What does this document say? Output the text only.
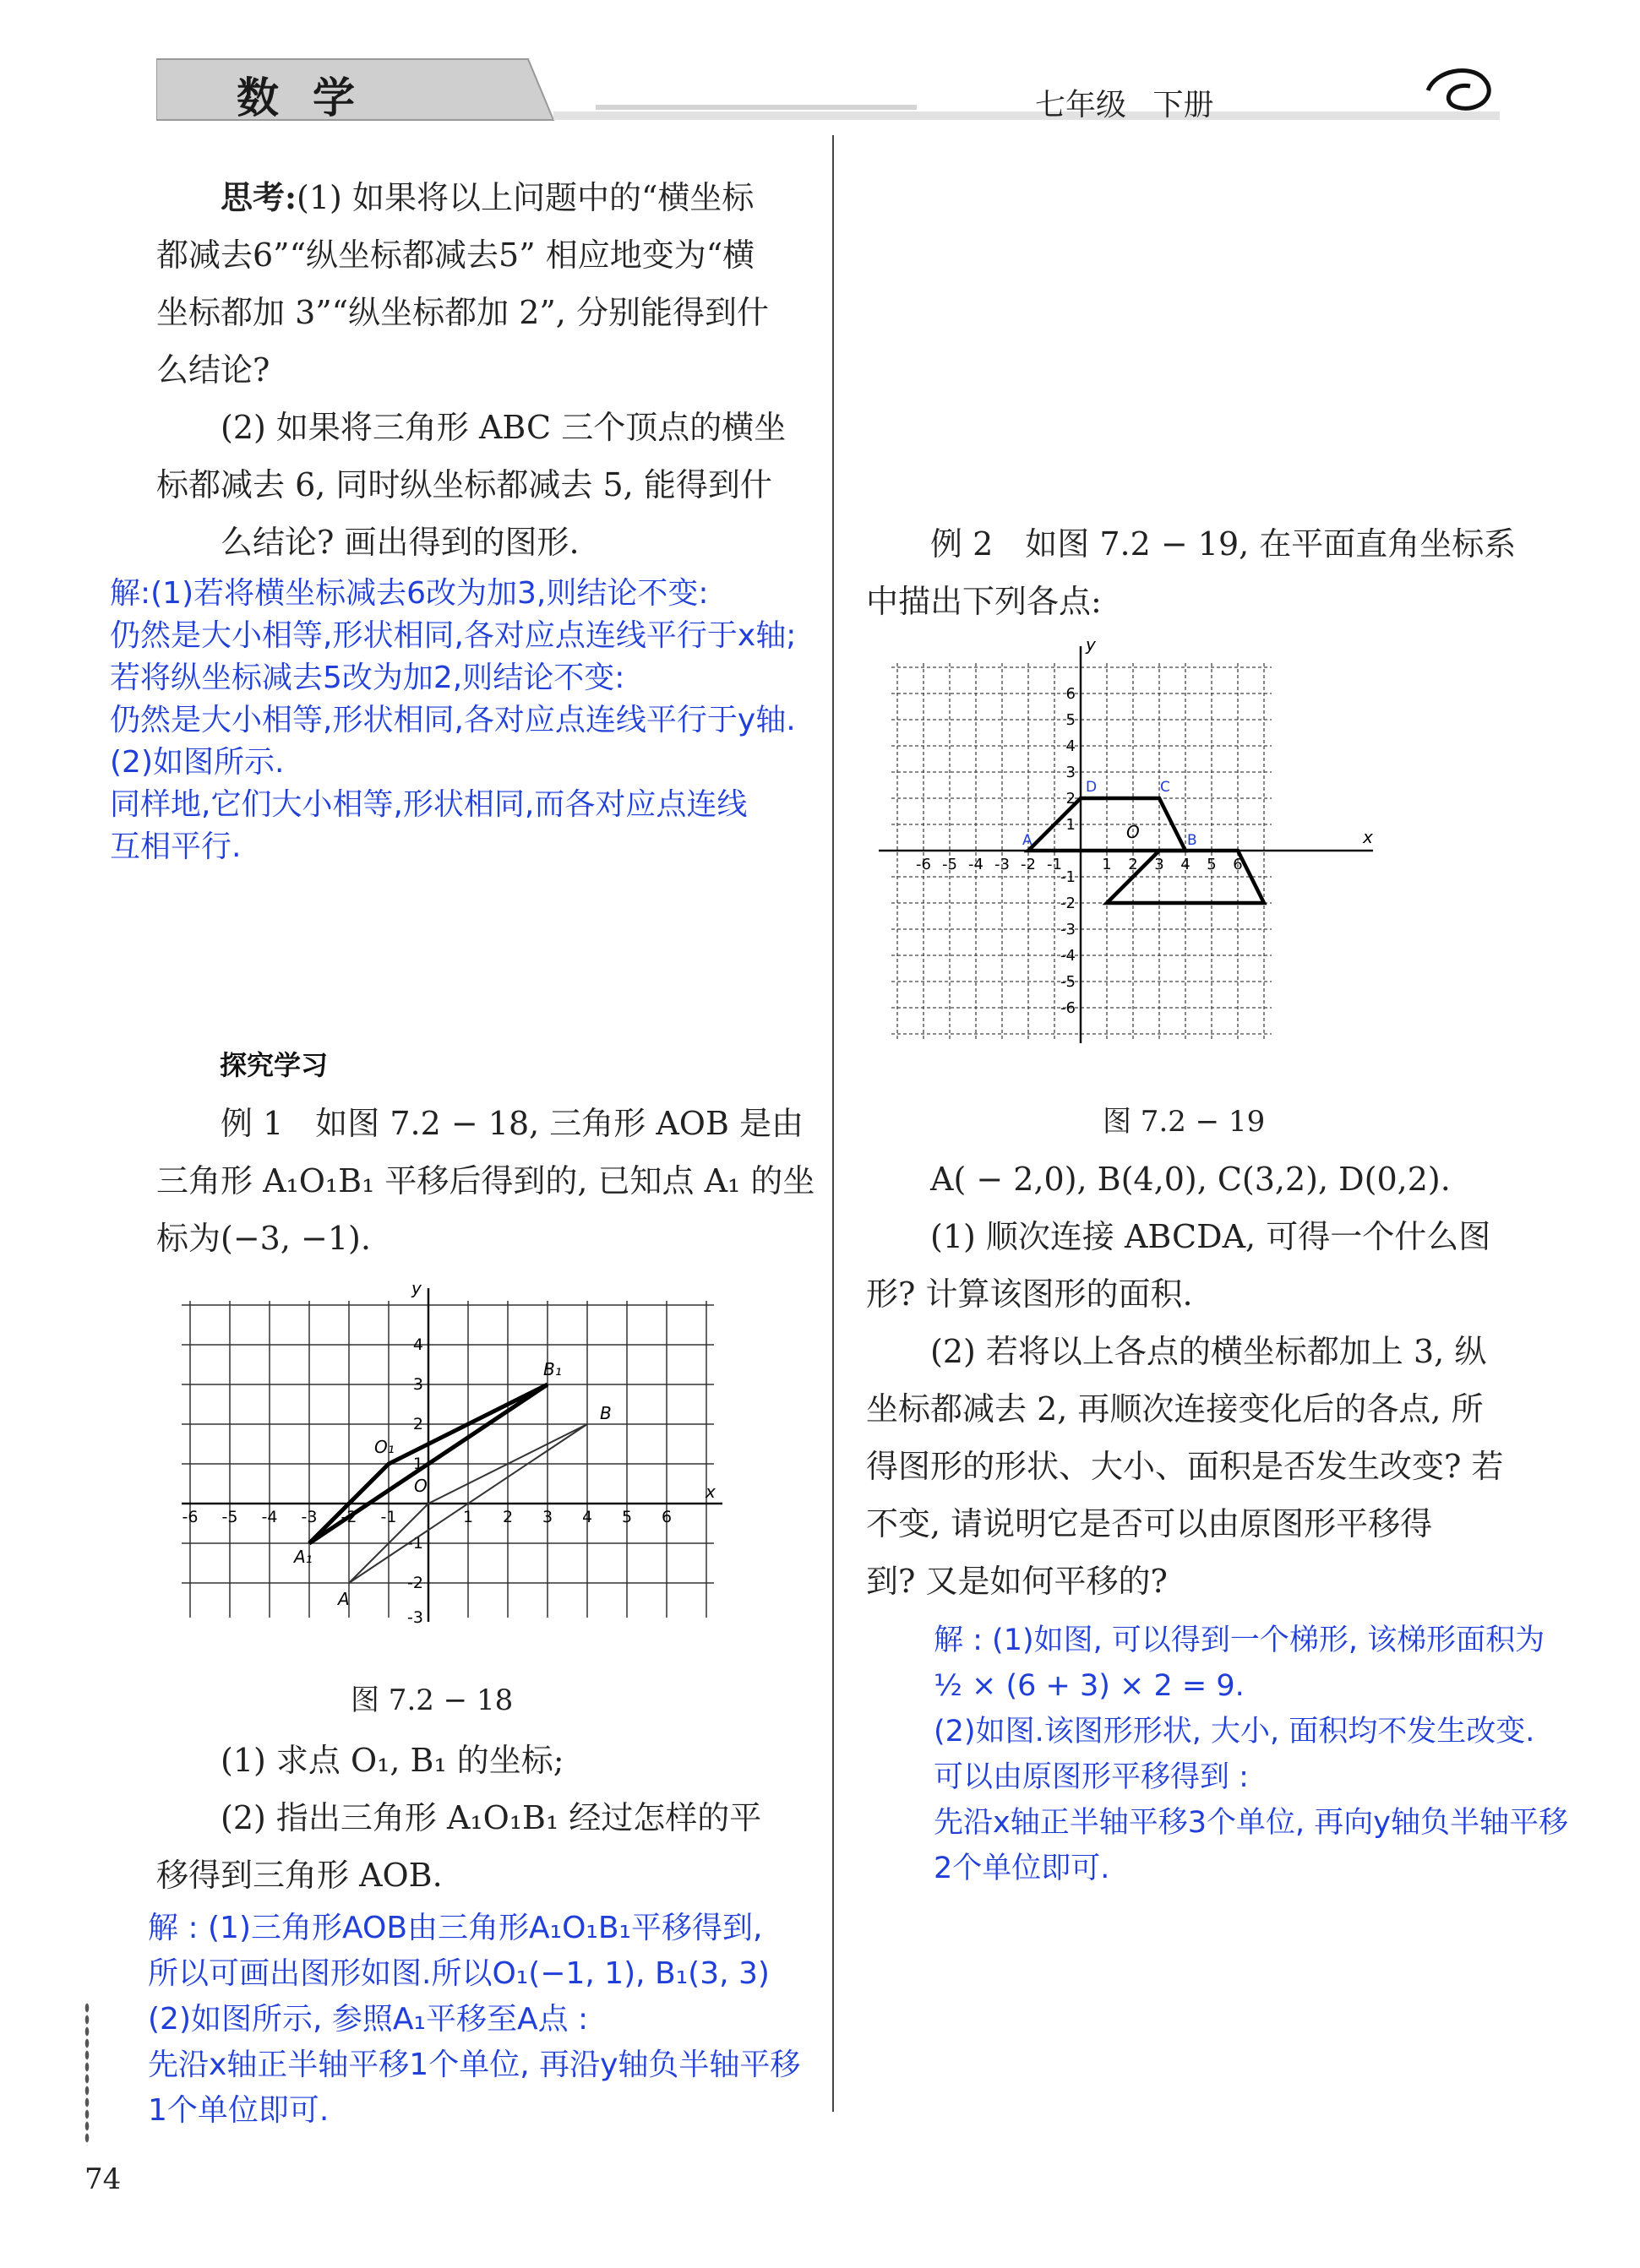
数学	七年级 下册
思考:(1) 如果将以上问题中的“横坐标
都减去6”“纵坐标都减去5” 相应地变为“横
坐标都加 3”“纵坐标都加 2”, 分别能得到什
么结论?
(2) 如果将三角形 ABC 三个顶点的横坐
标都减去 6, 同时纵坐标都减去 5, 能得到什
么结论? 画出得到的图形.
解:(1)若将横坐标减去6改为加3,则结论不变:
仍然是大小相等,形状相同,各对应点连线平行于x轴;
若将纵坐标减去5改为加2,则结论不变:
仍然是大小相等,形状相同,各对应点连线平行于y轴.
(2)如图所示.
同样地,它们大小相等,形状相同,而各对应点连线
互相平行.
探究学习
例 1　如图 7.2 − 18, 三角形 AOB 是由
三角形 A₁O₁B₁ 平移后得到的, 已知点 A₁ 的坐
标为(−3, −1).
x
y
O
-6 -5 -4 -3 -2 -1	1 2 3 4 5 6
4
3
2
1
-1
-2
-3
A
B
A₁
O₁
B₁
图 7.2 − 18
(1) 求点 O₁, B₁ 的坐标;
(2) 指出三角形 A₁O₁B₁ 经过怎样的平
移得到三角形 AOB.
解 : (1)三角形AOB由三角形A₁O₁B₁平移得到,
所以可画出图形如图.所以O₁(−1, 1), B₁(3, 3)
(2)如图所示, 参照A₁平移至A点 :
先沿x轴正半轴平移1个单位, 再沿y轴负半轴平移
1个单位即可.
74
例 2　如图 7.2 − 19, 在平面直角坐标系
中描出下列各点:
x
y
O
-6 -5 -4 -3 -2 -1	1 2 3 4 5 6
6
5
4
3
2
1
-1
-2
-3
-4
-5
-6
A	B
C
D
图 7.2 − 19
A( − 2,0), B(4,0), C(3,2), D(0,2).
(1) 顺次连接 ABCDA, 可得一个什么图
形? 计算该图形的面积.
(2) 若将以上各点的横坐标都加上 3, 纵
坐标都减去 2, 再顺次连接变化后的各点, 所
得图形的形状、大小、面积是否发生改变? 若
不变, 请说明它是否可以由原图形平移得
到? 又是如何平移的?
解 : (1)如图, 可以得到一个梯形, 该梯形面积为
½ × (6 + 3) × 2 = 9.
(2)如图.该图形形状, 大小, 面积均不发生改变.
可以由原图形平移得到 :
先沿x轴正半轴平移3个单位, 再向y轴负半轴平移
2个单位即可.
